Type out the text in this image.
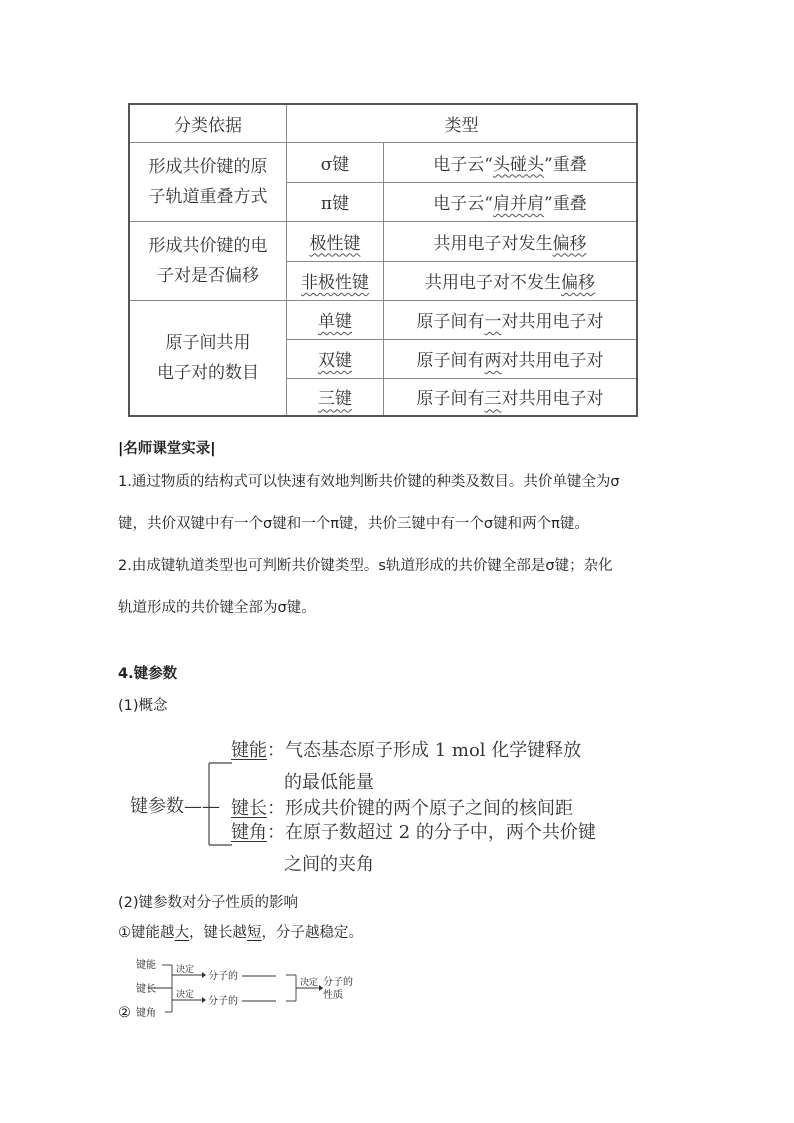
分类依据	类型	

形成共价键的原
子轨道重叠方式	σ键	电子云“头碰头”重叠
	π键	电子云“肩并肩”重叠

形成共价键的电
子对是否偏移	极性键	共用电子对发生偏移
	非极性键	共用电子对不发生偏移

原子间共用
电子对的数目	单键	原子间有一对共用电子对
	双键	原子间有两对共用电子对
	三键	原子间有三对共用电子对
|名师课堂实录|
1.通过物质的结构式可以快速有效地判断共价键的种类及数目。共价单键全为σ
键，共价双键中有一个σ键和一个π键，共价三键中有一个σ键和两个π键。
2.由成键轨道类型也可判断共价键类型。s轨道形成的共价键全部是σ键；杂化
轨道形成的共价键全部为σ键。
4.键参数
(1)概念
键参数——
键能：气态基态原子形成 1 mol 化学键释放
的最低能量
键长：形成共价键的两个原子之间的核间距
键角：在原子数超过 2 的分子中，两个共价键
之间的夹角
(2)键参数对分子性质的影响
①键能越大，键长越短，分子越稳定。
键能
键长
键角
决定
决定
分子的
分子的
决定 分子的
性质
②
